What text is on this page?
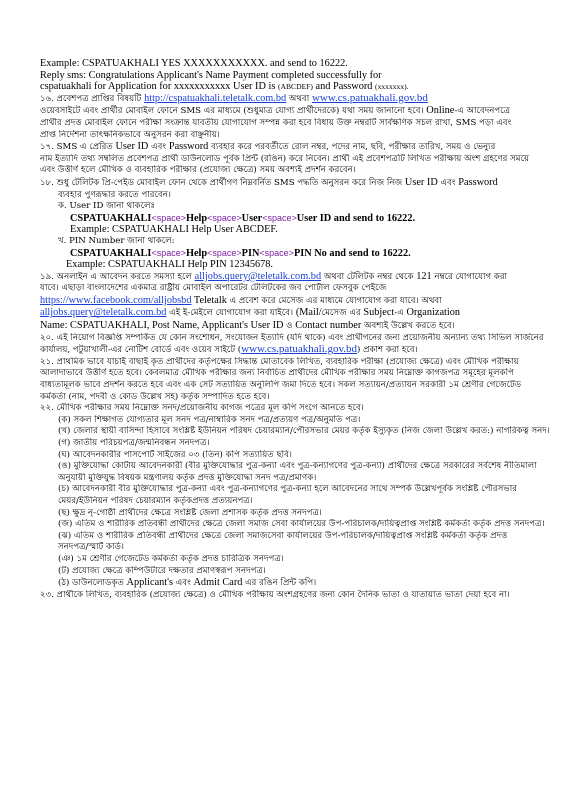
Example: CSPATUAKHALI YES XXXXXXXXXXX. and send to 16222.
Reply sms: Congratulations Applicant's Name Payment completed successfully for
cspatuakhali for Application for xxxxxxxxxxx User ID is (ABCDEF) and Password (xxxxxxx).
১৬. প্রবেশপত্র প্রাপ্তির বিষয়টি http://cspatuakhali.teletalk.com.bd অথবা www.cs.patuakhali.gov.bd
ওয়েবসাইটে এবং প্রার্থীর মোবাইল ফোনে SMS এর মাধ্যমে (শুধুমাত্র যোগ্য প্রার্থীদেরকে) যথা সময় জানানো হবে। Online-এ আবেদনপত্রে
প্রার্থীর প্রদত্ত মোবাইল ফোনে পরীক্ষা সংক্রান্ত যাবতীয় যোগাযোগ সম্পন্ন করা হবে বিধায় উক্ত নম্বরটি সার্বক্ষণিক সচল রাখা, SMS পড়া এবং
প্রাপ্ত নির্দেশনা তাৎক্ষনিকভাবে অনুসরন করা বাঞ্ছনীয়।
১৭. SMS এ প্রেরিত User ID এবং Password ব্যবহার করে পরবর্তীতে রোল নম্বর, পদের নাম, ছবি, পরীক্ষার তারিখ, সময় ও ভেন্যুর
নাম ইত্যাদি তথ্য সম্বলিত প্রবেশপত্র প্রার্থী ডাউনলোড পূর্বক প্রিন্ট (রঙিন) করে নিবেন। প্রার্থী এই প্রবেশপত্রটি লিখিত পরীক্ষায় অংশ গ্রহণের সময়ে
এবং উত্তীর্ণ হলে মৌখিক ও ব্যবহারিক পরীক্ষার (প্রযোজ্য ক্ষেত্রে) সময় অবশ্যই প্রদর্শন করবেন।
১৮. শুধু টেলিটক প্রি-পেইড মোবাইল ফোন থেকে প্রার্থীগণ নিম্নবর্নিত SMS পদ্ধতি অনুসরন করে নিজ নিজ User ID এবং Password
ব্যবহার পুণরূদ্ধার করতে পারবেন।
ক. User ID জানা থাকলেঃ
CSPATUAKHALI<space>Help<space>User<space>User ID and send to 16222.
Example: CSPATUAKHALI Help User ABCDEF.
খ. PIN Number জানা থাকলে:
CSPATUAKHALI<space>Help<space>PIN<space>PIN No and send to 16222.
Example: CSPATUAKHALI Help PIN 12345678.
১৯. অনলাইন এ আবেদন করতে সমস্যা হলে alljobs.query@teletalk.com.bd অথবা টেলিটক নম্বর থেকে 121 নম্বরে যোগাযোগ করা
যাবে। এছাড়া বাংলাদেশের একমাত্র রাষ্ট্রীয় মোবাইল অপারেটর টেলিটকের জব পোর্টাল ফেসবুক পেইজে
https://www.facebook.com/alljobsbd Teletalk এ প্রবেশ করে মেসেজ এর মাধ্যমে যোগাযোগ করা যাবে। অথবা
alljobs.query@teletalk.com.bd এই ই-মেইলে যোগাযোগ করা যাইবে। (Mail/মেসেজ এর Subject-এ Organization
Name: CSPATUAKHALI, Post Name, Applicant's User ID ও Contact number অবশ্যই উল্লেখ করতে হবে।
২০. এই নিয়োগ বিজ্ঞপ্তি সম্পর্কিত যে কোন সংশোধন, সংযোজন ইত্যাদি (যদি থাকে) এবং প্রার্থীগনের জন্য প্রয়োজনীয় অন্যান্য তথ্য সিভিল সার্জনের
কার্যালয়, পটুয়াখালী-এর নোটিশ বোর্ডে এবং ওয়েব সাইটে (www.cs.patuakhali.gov.bd) প্রকাশ করা হবে।
২১. প্রাথমিক ভাবে যাচাই বাছাই কৃত প্রার্থীদের কর্তৃপক্ষের সিদ্ধান্ত মোতাবেক লিখিত, ব্যবহারিক পরীক্ষা (প্রযোজ্য ক্ষেত্রে) এবং মৌখিক পরীক্ষায়
আলাদাভাবে উত্তীর্ণ হতে হবে। কেবলমাত্র মৌখিক পরীক্ষার জন্য নির্বাচিত প্রার্থীদের মৌখিক পরীক্ষার সময় নিম্নোক্ত কাগজপত্র সমূহের মূলকপি
বাধ্যতামূলক ভাবে প্রদর্শন করতে হবে এবং এক সেট সত্যায়িত অনুলিপি জমা দিতে হবে। সকল সত্যায়ন/প্রত্যায়ন সরকারী ১ম শ্রেণীর গেজেটেড
কর্মকর্তা (নাম, পদবী ও কোড উল্লেখ সহ) কর্তৃক সম্পাদিত হতে হবে।
২২. মৌখিক পরীক্ষার সময় নিম্নোক্ত সনদ/প্রয়োজনীয় কাগজ পত্রের মূল কপি সংগে আনতে হবে।
(ক) সকল শিক্ষাগত যোগ্যতার মূল সনদ পত্র/নাম্বারিক সনদ পত্র/প্রত্যয়ণ পত্র/অনুমতি পত্র।
(খ) জেলার স্থায়ী বাসিন্দা হিসাবে সংশ্লিষ্ট ইউনিয়ন পরিষদ চেয়ারম্যান/পৌরসভার মেয়র কর্তৃক ইস্যুকৃত (নিজ জেলা উল্লেখ করত:) নাগরিকত্ব সনদ।
(গ) জাতীয় পরিচয়পত্র/জন্মনিবন্ধন সনদপত্র।
(ঘ) আবেদনকারীর পাসপোর্ট সাইজের ০৩ (তিন) কপি সত্যায়িত ছবি।
(ঙ) মুক্তিযোদ্ধা কোটায় আবেদনকারী (বীর মুক্তিযোদ্ধার পুত্র-কন্যা এবং পুত্র-কন্যাগণের পুত্র-কন্যা) প্রার্থীদের ক্ষেত্রে সরকারের সর্বশেষ নীতিমালা
অনুযায়ী মুক্তিযুদ্ধ বিষয়ক মন্ত্রণালয় কর্তৃক প্রদত্ত মুক্তিযোদ্ধা সনদ পত্র/প্রমাণক।
(চ) আবেদনকারী বীর মুক্তিযোদ্ধার পুত্র-কন্যা এবং পুত্র-কন্যাগণের পুত্র-কন্যা হলে আবেদনের সাথে সম্পর্ক উল্লেখপূর্বক সংশ্লিষ্ট পৌরসভার
মেয়র/ইউনিয়ন পরিষদ চেয়ারম্যান কর্তৃকপ্রদত্ত প্রত্যয়নপত্র।
(ছ) ক্ষুদ্র নৃ-গোষ্ঠী প্রার্থীদের ক্ষেত্রে সংশ্লিষ্ট জেলা প্রশাসক কর্তৃক প্রদত্ত সনদপত্র।
(জ) এতিম ও শারীরিক প্রতিবন্ধী প্রার্থীদের ক্ষেত্রে জেলা সমাজ সেবা কার্যালয়ের উপ-পরিচালক/দায়িত্বপ্রাপ্ত সংশ্লিষ্ট কর্মকর্তা কর্তৃক প্রদত্ত সনদপত্র।
(ঝ) এতিম ও শারীরিক প্রতিবন্ধী প্রার্থীদের ক্ষেত্রে জেলা সমাজসেবা কার্যালয়ের উপ-পরিচালক/দায়িত্বপ্রাপ্ত সংশ্লিষ্ট কর্মকর্তা কর্তৃক প্রদত্ত
সনদপত্র/স্মার্ট কার্ড।
(ঞ) ১ম শ্রেণীর গেজেটেড কর্মকর্তা কর্তৃক প্রদত্ত চারিত্রিক সনদপত্র।
(ট) প্রযোজ্য ক্ষেত্রে কম্পিউটারে দক্ষতার প্রমাণস্বরূপ সনদপত্র।
(ঠ) ডাউনলোডকৃত Applicant's এবং Admit Card এর রঙিন প্রিন্ট কপি।
২৩. প্রার্থীকে লিখিত, ব্যবহারিক (প্রযোজ্য ক্ষেত্রে) ও মৌখিক পরীক্ষায় অংশগ্রহণের জন্য কোন দৈনিক ভাতা ও যাতায়াত ভাতা দেয়া হবে না।
